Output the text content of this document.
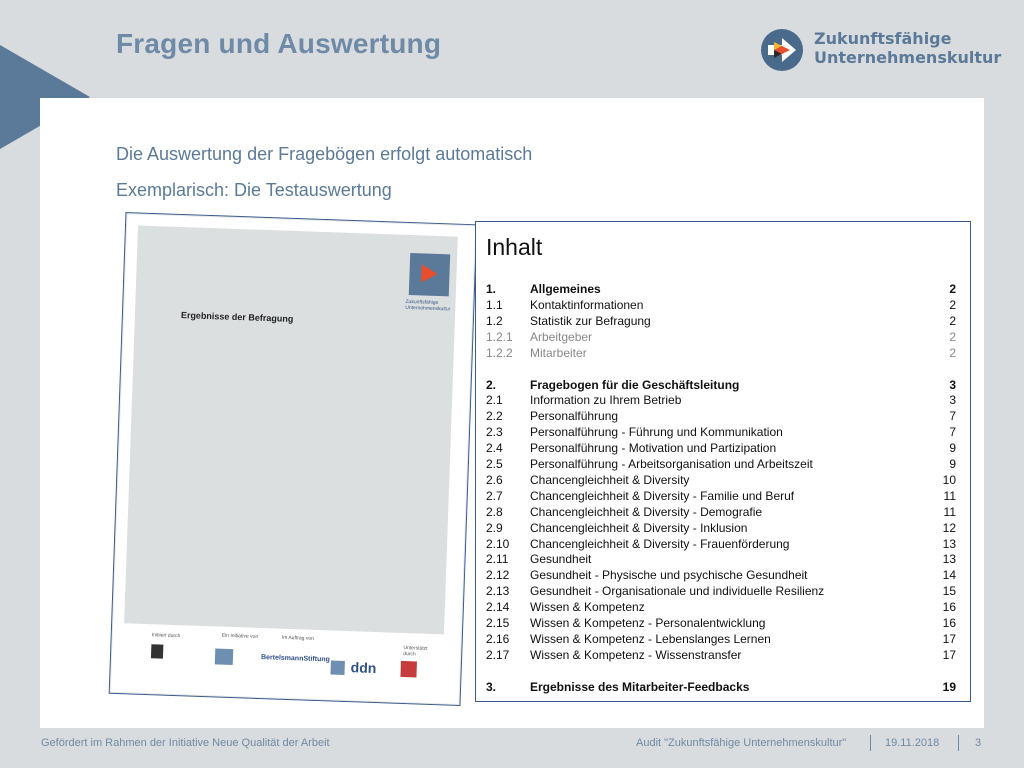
Fragen und Auswertung	Zukunftsfähige
Unternehmenskultur
Die Auswertung der Fragebögen erfolgt automatisch
Exemplarisch: Die Testauswertung
Zukunftsfähige
Unternehmenskultur
Ergebnisse der Befragung
Initiiert durch	Ein Initiative von	Im Auftrag von
Unterstützt durch
BertelsmannStiftung
ddn
Inhalt
1.	Allgemeines	2
1.1 Kontaktinformationen	2
1.2 Statistik zur Befragung	2
1.2.1 Arbeitgeber	2
1.2.2 Mitarbeiter	2
2.	Fragebogen für die Geschäftsleitung	3
2.1 Information zu Ihrem Betrieb	3
2.2 Personalführung	7
2.3 Personalführung - Führung und Kommunikation	7
2.4 Personalführung - Motivation und Partizipation	9
2.5 Personalführung - Arbeitsorganisation und Arbeitszeit	9
2.6 Chancengleichheit & Diversity	10
2.7 Chancengleichheit & Diversity - Familie und Beruf	11
2.8 Chancengleichheit & Diversity - Demografie	11
2.9 Chancengleichheit & Diversity - Inklusion	12
2.10 Chancengleichheit & Diversity - Frauenförderung	13
2.11 Gesundheit	13
2.12 Gesundheit - Physische und psychische Gesundheit	14
2.13 Gesundheit - Organisationale und individuelle Resilienz	15
2.14 Wissen & Kompetenz	16
2.15 Wissen & Kompetenz - Personalentwicklung	16
2.16 Wissen & Kompetenz - Lebenslanges Lernen	17
2.17 Wissen & Kompetenz - Wissenstransfer	17
3.	Ergebnisse des Mitarbeiter-Feedbacks	19
Gefördert im Rahmen der Initiative Neue Qualität der Arbeit	Audit "Zukunftsfähige Unternehmenskultur"	19.11.2018	3
